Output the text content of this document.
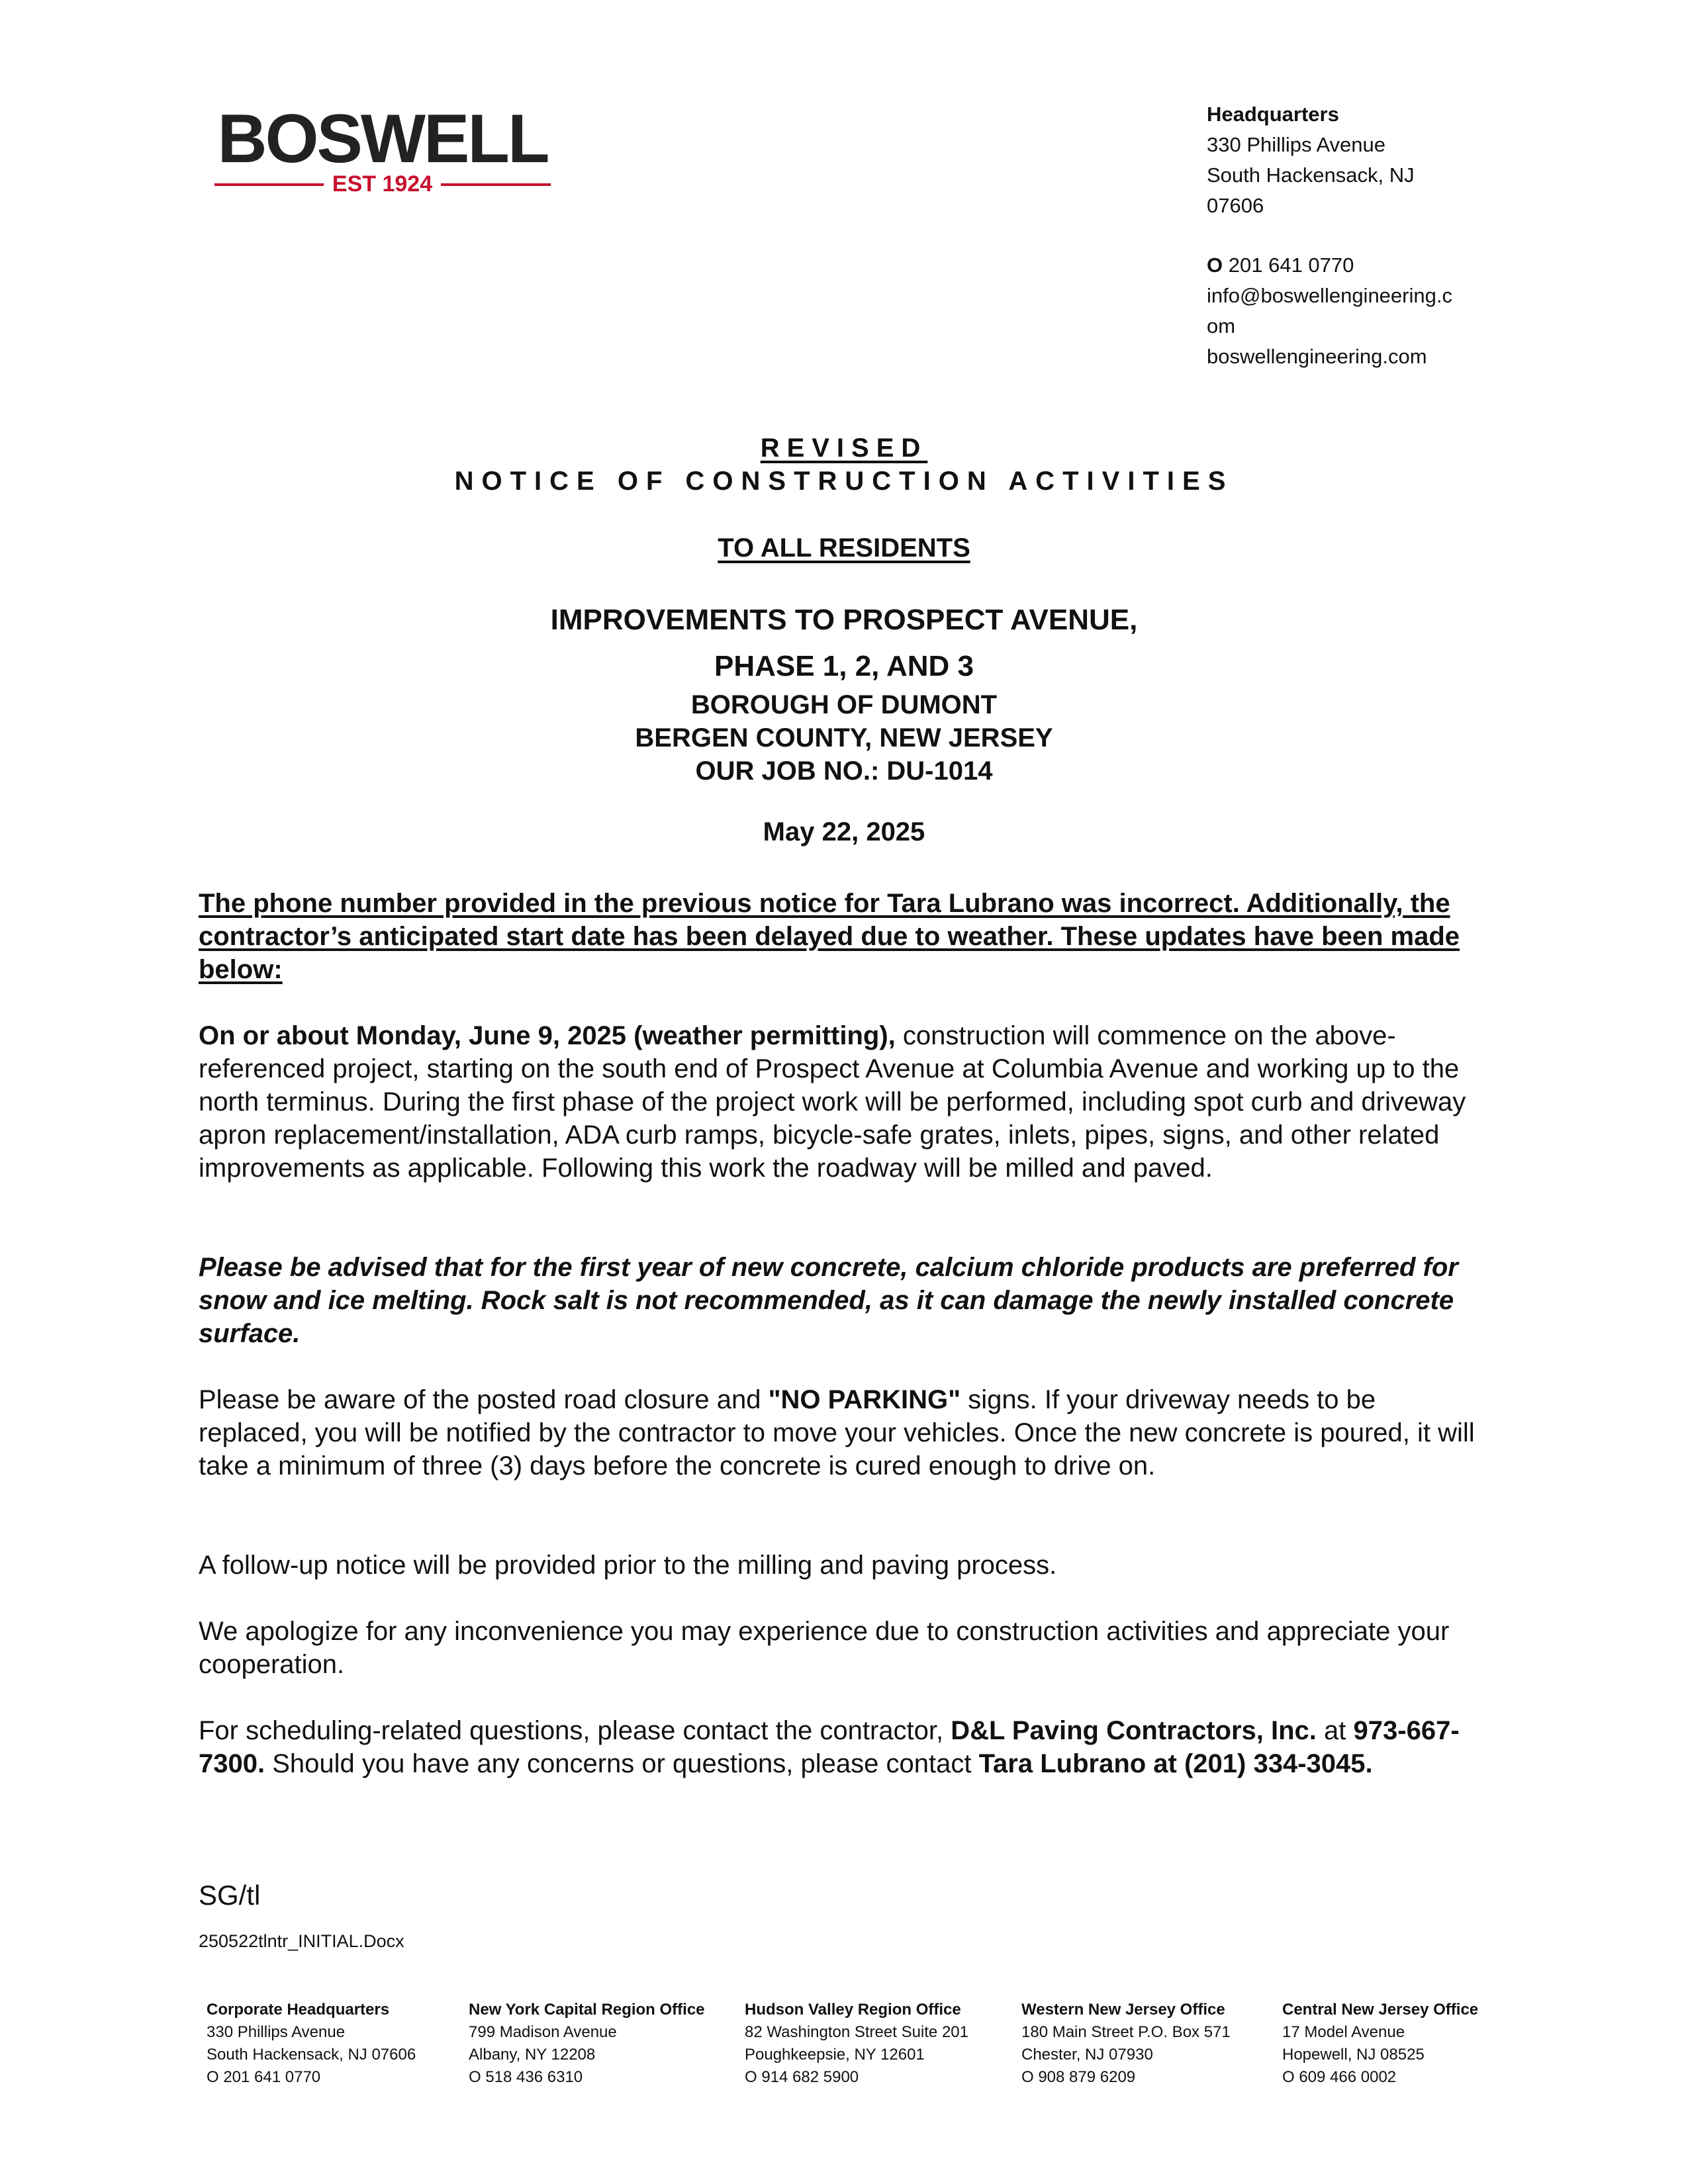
BOSWELL
EST 1924
Headquarters
330 Phillips Avenue
South Hackensack, NJ
07606
O 201 641 0770
info@boswellengineering.c
om
boswellengineering.com
REVISED
NOTICE OF CONSTRUCTION ACTIVITIES
TO ALL RESIDENTS
IMPROVEMENTS TO PROSPECT AVENUE,
PHASE 1, 2, AND 3
BOROUGH OF DUMONT
BERGEN COUNTY, NEW JERSEY
OUR JOB NO.: DU-1014
May 22, 2025
The phone number provided in the previous notice for Tara Lubrano was incorrect. Additionally, the contractor’s anticipated start date has been delayed due to weather. These updates have been made below:
On or about Monday, June 9, 2025 (weather permitting), construction will commence on the above-referenced project, starting on the south end of Prospect Avenue at Columbia Avenue and working up to the north terminus. During the first phase of the project work will be performed, including spot curb and driveway apron replacement/installation, ADA curb ramps, bicycle-safe grates, inlets, pipes, signs, and other related improvements as applicable. Following this work the roadway will be milled and paved.
Please be advised that for the first year of new concrete, calcium chloride products are preferred for snow and ice melting. Rock salt is not recommended, as it can damage the newly installed concrete surface.
Please be aware of the posted road closure and "NO PARKING" signs. If your driveway needs to be replaced, you will be notified by the contractor to move your vehicles. Once the new concrete is poured, it will take a minimum of three (3) days before the concrete is cured enough to drive on.
A follow-up notice will be provided prior to the milling and paving process.
We apologize for any inconvenience you may experience due to construction activities and appreciate your cooperation.
For scheduling-related questions, please contact the contractor, D&L Paving Contractors, Inc. at 973-667-7300. Should you have any concerns or questions, please contact Tara Lubrano at (201) 334-3045.
SG/tl
250522tlntr_INITIAL.Docx
Corporate Headquarters
330 Phillips Avenue
South Hackensack, NJ 07606
O 201 641 0770
New York Capital Region Office
799 Madison Avenue
Albany, NY 12208
O 518 436 6310
Hudson Valley Region Office
82 Washington Street Suite 201
Poughkeepsie, NY 12601
O 914 682 5900
Western New Jersey Office
180 Main Street P.O. Box 571
Chester, NJ 07930
O 908 879 6209
Central New Jersey Office
17 Model Avenue
Hopewell, NJ 08525
O 609 466 0002
